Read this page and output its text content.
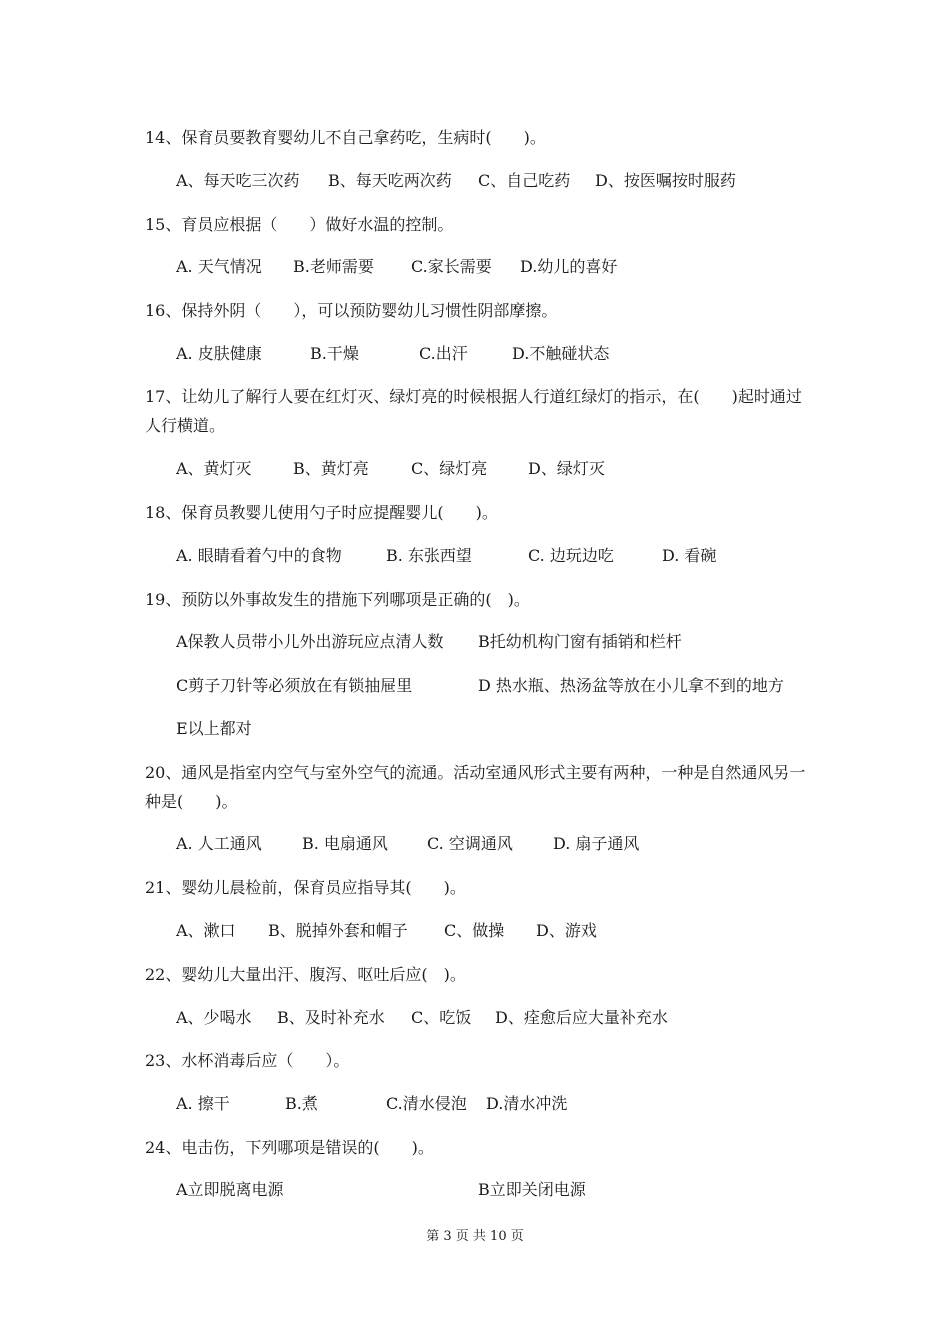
14、保育员要教育婴幼儿不自己拿药吃，生病时(　　)。
A、每天吃三次药 B、每天吃两次药 C、自己吃药 D、按医嘱按时服药
15、育员应根据（　　）做好水温的控制。
A. 天气情况 B.老师需要 C.家长需要 D.幼儿的喜好
16、保持外阴（　　），可以预防婴幼儿习惯性阴部摩擦。
A. 皮肤健康	B.干燥	C.出汗	D.不触碰状态
17、让幼儿了解行人要在红灯灭、绿灯亮的时候根据人行道红绿灯的指示，在(　　)起时通过人行横道。
A、黄灯灭	B、黄灯亮	C、绿灯亮	D、绿灯灭
18、保育员教婴儿使用勺子时应提醒婴儿(　　)。
A. 眼睛看着勺中的食物	B. 东张西望	C. 边玩边吃	D. 看碗
19、预防以外事故发生的措施下列哪项是正确的(　)。
A保教人员带小儿外出游玩应点清人数 B托幼机构门窗有插销和栏杆
C剪子刀针等必须放在有锁抽屉里	D 热水瓶、热汤盆等放在小儿拿不到的地方
E以上都对
20、通风是指室内空气与室外空气的流通。活动室通风形式主要有两种，一种是自然通风另一种是(　　)。
A. 人工通风	B. 电扇通风 C. 空调通风	D. 扇子通风
21、婴幼儿晨检前，保育员应指导其(　　)。
A、漱口 B、脱掉外套和帽子 C、做操 D、游戏
22、婴幼儿大量出汗、腹泻、呕吐后应(　)。
A、少喝水 B、及时补充水 C、吃饭 D、痊愈后应大量补充水
23、水杯消毒后应（　　）。
A. 擦干	B.煮	C.清水侵泡 D.清水冲洗
24、电击伤，下列哪项是错误的(　　)。
A立即脱离电源	B立即关闭电源
第 3 页 共 10 页
